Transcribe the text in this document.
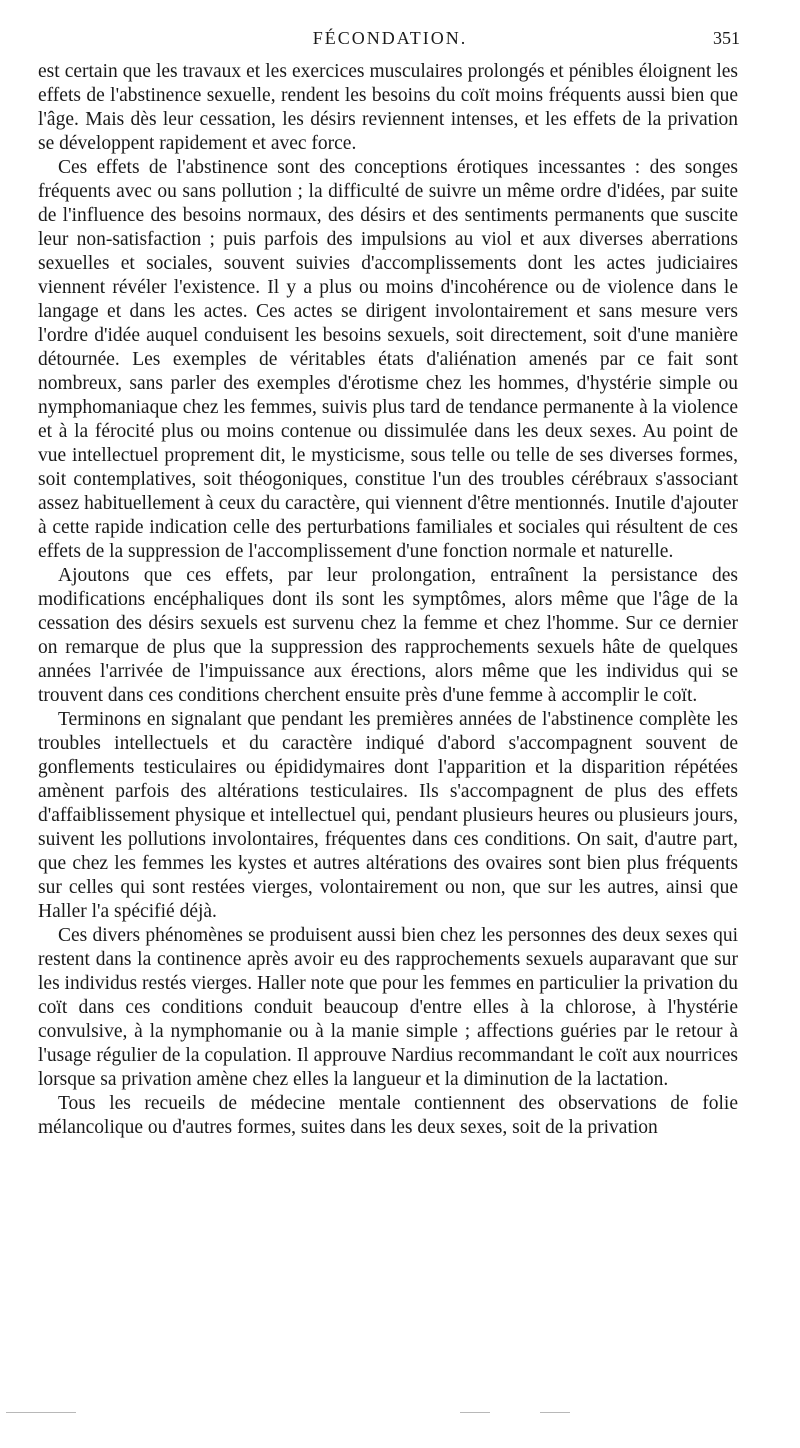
FÉCONDATION.	351

est certain que les travaux et les exercices musculaires prolongés et pénibles éloignent les effets de l'abstinence sexuelle, rendent les besoins du coït moins fréquents aussi bien que l'âge. Mais dès leur cessation, les désirs reviennent intenses, et les effets de la privation se développent rapidement et avec force.

Ces effets de l'abstinence sont des conceptions érotiques incessantes : des songes fréquents avec ou sans pollution ; la difficulté de suivre un même ordre d'idées, par suite de l'influence des besoins normaux, des désirs et des sentiments permanents que suscite leur non-satisfaction ; puis parfois des impulsions au viol et aux diverses aberrations sexuelles et sociales, souvent suivies d'accomplissements dont les actes judiciaires viennent révéler l'existence. Il y a plus ou moins d'incohérence ou de violence dans le langage et dans les actes. Ces actes se dirigent involontairement et sans mesure vers l'ordre d'idée auquel conduisent les besoins sexuels, soit directement, soit d'une manière détournée. Les exemples de véritables états d'aliénation amenés par ce fait sont nombreux, sans parler des exemples d'érotisme chez les hommes, d'hystérie simple ou nymphomaniaque chez les femmes, suivis plus tard de tendance permanente à la violence et à la férocité plus ou moins contenue ou dissimulée dans les deux sexes. Au point de vue intellectuel proprement dit, le mysticisme, sous telle ou telle de ses diverses formes, soit contemplatives, soit théogoniques, constitue l'un des troubles cérébraux s'associant assez habituellement à ceux du caractère, qui viennent d'être mentionnés. Inutile d'ajouter à cette rapide indication celle des perturbations familiales et sociales qui résultent de ces effets de la suppression de l'accomplissement d'une fonction normale et naturelle.

Ajoutons que ces effets, par leur prolongation, entraînent la persistance des modifications encéphaliques dont ils sont les symptômes, alors même que l'âge de la cessation des désirs sexuels est survenu chez la femme et chez l'homme. Sur ce dernier on remarque de plus que la suppression des rapprochements sexuels hâte de quelques années l'arrivée de l'impuissance aux érections, alors même que les individus qui se trouvent dans ces conditions cherchent ensuite près d'une femme à accomplir le coït.

Terminons en signalant que pendant les premières années de l'abstinence complète les troubles intellectuels et du caractère indiqué d'abord s'accompagnent souvent de gonflements testiculaires ou épididymaires dont l'apparition et la disparition répétées amènent parfois des altérations testiculaires. Ils s'accompagnent de plus des effets d'affaiblissement physique et intellectuel qui, pendant plusieurs heures ou plusieurs jours, suivent les pollutions involontaires, fréquentes dans ces conditions. On sait, d'autre part, que chez les femmes les kystes et autres altérations des ovaires sont bien plus fréquents sur celles qui sont restées vierges, volontairement ou non, que sur les autres, ainsi que Haller l'a spécifié déjà.

Ces divers phénomènes se produisent aussi bien chez les personnes des deux sexes qui restent dans la continence après avoir eu des rapprochements sexuels auparavant que sur les individus restés vierges. Haller note que pour les femmes en particulier la privation du coït dans ces conditions conduit beaucoup d'entre elles à la chlorose, à l'hystérie convulsive, à la nymphomanie ou à la manie simple ; affections guéries par le retour à l'usage régulier de la copulation. Il approuve Nardius recommandant le coït aux nourrices lorsque sa privation amène chez elles la langueur et la diminution de la lactation.

Tous les recueils de médecine mentale contiennent des observations de folie mélancolique ou d'autres formes, suites dans les deux sexes, soit de la privation
